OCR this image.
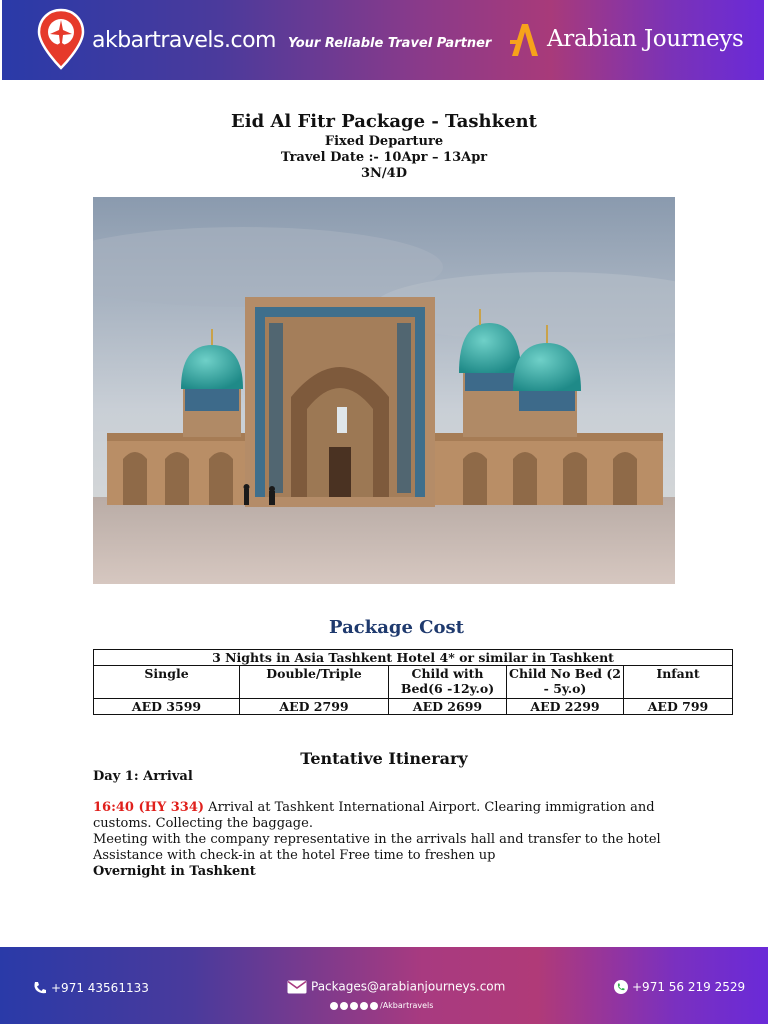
akbartravels.com Your Reliable Travel Partner Arabian Journeys
Eid Al Fitr Package - Tashkent
Fixed Departure
Travel Date :- 10Apr – 13Apr
3N/4D
Package Cost
3 Nights in Asia Tashkent Hotel 4* or similar in Tashkent				
Single	Double/Triple	Child with Bed(6 -12y.o)	Child No Bed (2 - 5y.o)	Infant
AED 3599	AED 2799	AED 2699	AED 2299	AED 799
Tentative Itinerary
Day 1: Arrival
16:40 (HY 334) Arrival at Tashkent International Airport. Clearing immigration and customs. Collecting the baggage.
Meeting with the company representative in the arrivals hall and transfer to the hotel
Assistance with check-in at the hotel Free time to freshen up
Overnight in Tashkent
+971 43561133	Packages@arabianjourneys.com
/Akbartravels
+971 56 219 2529
